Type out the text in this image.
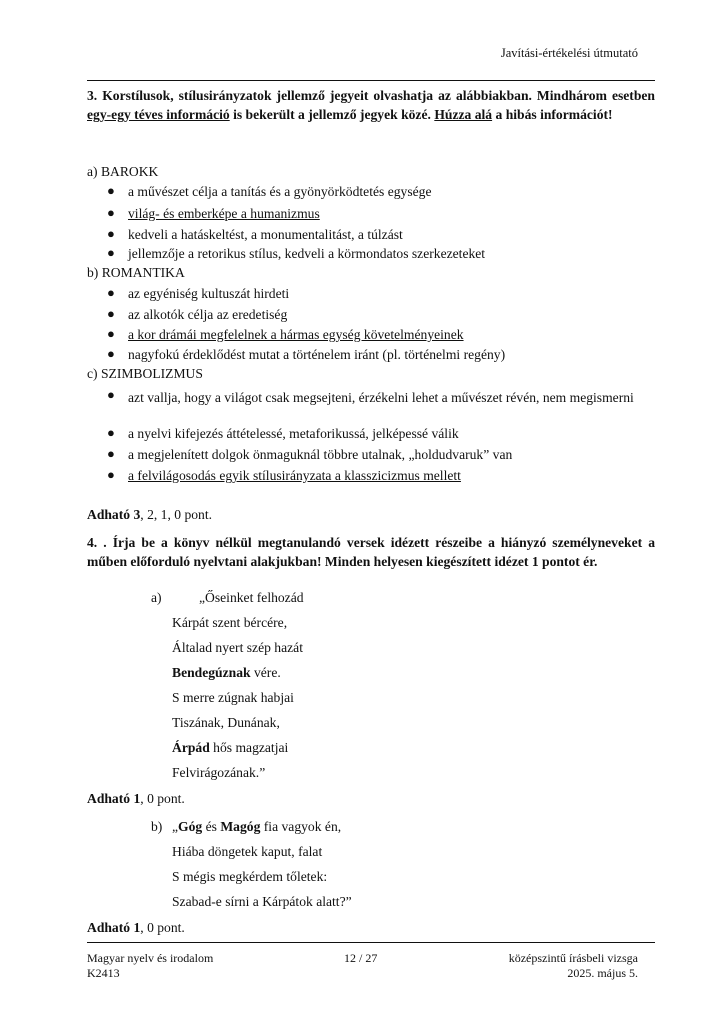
Javítási-értékelési útmutató
3. Korstílusok, stílusirányzatok jellemző jegyeit olvashatja az alábbiakban. Mindhárom esetben egy-egy téves információ is bekerült a jellemző jegyek közé. Húzza alá a hibás információt!
a) BAROKK
● a művészet célja a tanítás és a gyönyörködtetés egysége
● világ- és emberképe a humanizmus
● kedveli a hatáskeltést, a monumentalitást, a túlzást
● jellemzője a retorikus stílus, kedveli a körmondatos szerkezeteket
b) ROMANTIKA
● az egyéniség kultuszát hirdeti
● az alkotók célja az eredetiség
● a kor drámái megfelelnek a hármas egység követelményeinek
● nagyfokú érdeklődést mutat a történelem iránt (pl. történelmi regény)
c) SZIMBOLIZMUS
● azt vallja, hogy a világot csak megsejteni, érzékelni lehet a művészet révén, nem megismerni
● a nyelvi kifejezés áttételessé, metaforikussá, jelképessé válik
● a megjelenített dolgok önmaguknál többre utalnak, „holdudvaruk” van
● a felvilágosodás egyik stílusirányzata a klasszicizmus mellett
Adható 3, 2, 1, 0 pont.
4. . Írja be a könyv nélkül megtanulandó versek idézett részeibe a hiányzó személyneveket a műben előforduló nyelvtani alakjukban! Minden helyesen kiegészített idézet 1 pontot ér.
a)	„Őseinket felhozád
Kárpát szent bércére,
Általad nyert szép hazát
Bendegúznak vére.
S merre zúgnak habjai
Tiszának, Dunának,
Árpád hős magzatjai
Felvirágozának.”
Adható 1, 0 pont.
b) „Góg és Magóg fia vagyok én,
Hiába döngetek kaput, falat
S mégis megkérdem tőletek:
Szabad-e sírni a Kárpátok alatt?”
Adható 1, 0 pont.
Magyar nyelv és irodalom
K2413
12 / 27	középszintű írásbeli vizsga
2025. május 5.
